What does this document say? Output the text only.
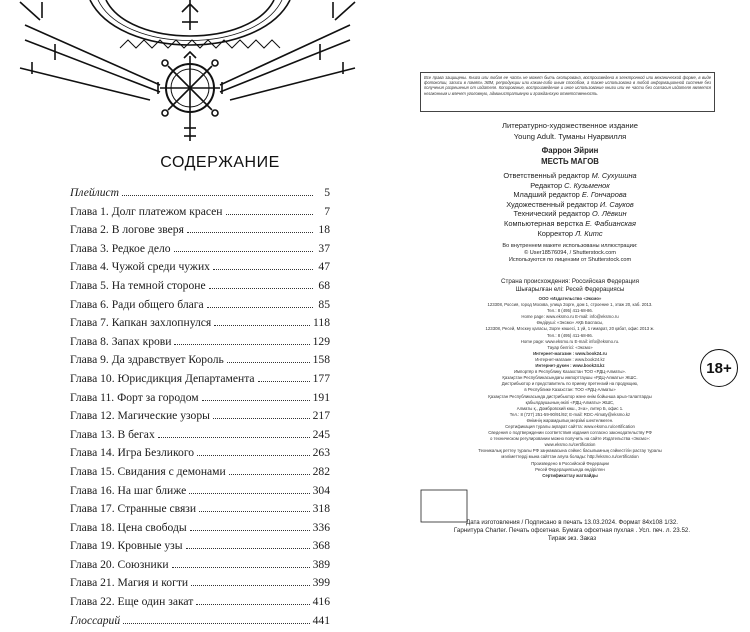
СОДЕРЖАНИЕ
Плейлист	5
Глава 1. Долг платежом красен	7
Глава 2. В логове зверя	18
Глава 3. Редкое дело	37
Глава 4. Чужой среди чужих	47
Глава 5. На темной стороне	68
Глава 6. Ради общего блага	85
Глава 7. Капкан захлопнулся	118
Глава 8. Запах крови	129
Глава 9. Да здравствует Король	158
Глава 10. Юрисдикция Департамента	177
Глава 11. Форт за городом	191
Глава 12. Магические узоры	217
Глава 13. В бегах	245
Глава 14. Игра Безликого	263
Глава 15. Свидания с демонами	282
Глава 16. На шаг ближе	304
Глава 17. Странные связи	318
Глава 18. Цена свободы	336
Глава 19. Кровные узы	368
Глава 20. Союзники	389
Глава 21. Магия и когти	399
Глава 22. Еще один закат	416
Глоссарий	441
Все права защищены. Книга или любая ее часть не может быть скопирована, воспроизведена в электронной или механической форме, в виде фотокопии, записи в память ЭВМ, репродукции или каким-либо иным способом, а также использована в любой информационной системе без получения разрешения от издателя. Копирование, воспроизведение и иное использование книги или ее части без согласия издателя является незаконным и влечет уголовную, административную и гражданскую ответственность.
Литературно-художественное издание
Young Adult. Туманы Нуарвилля
Фаррон Эйрин
МЕСТЬ МАГОВ
Ответственный редактор М. Сухушина
Редактор С. Кузьменок
Младший редактор Е. Гончарова
Художественный редактор И. Сауков
Технический редактор О. Лёвкин
Компьютерная верстка Е. Фабианская
Корректор Л. Китс
Во внутреннем макете использованы иллюстрации:
© User18576094, / Shutterstock.com
Используются по лицензии от Shutterstock.com
Страна происхождения: Российская Федерация
Шығарылған елі: Ресей Федерациясы
ООО «Издательство «Эксмо»
123308, Россия, город Москва, улица Зорге, дом 1, строение 1, этаж 20, каб. 2013.
Тел.: 8 (495) 411-68-86.
Home page: www.eksmo.ru E-mail: info@eksmo.ru
Өндіруші: «Эксмо» АҚБ Баспасы,
123308, Ресей, Мәскеу қаласы, Зорге көшесі, 1 үй, 1 ғимарат, 20 қабат, офис 2013 ж.
Тел.: 8 (495) 411-68-86.
Home page: www.eksmo.ru E-mail: info@eksmo.ru.
Тауар белгісі: «Эксмо»
Интернет-магазин : www.book24.ru
Интернет-магазин : www.book24.kz
Интернет-дүкен : www.book24.kz
Импортёр в Республику Казахстан ТОО «РДЦ-Алматы».
Қазақстан Республикасындағы импорттаушы «РДЦ-Алматы» ЖШС.
Дистрибьютор и представитель по приему претензий на продукцию,
в Республике Казахстан: ТОО «РДЦ-Алматы»
Қазақстан Республикасында дистрибьютор және өнім бойынша арыз-талаптарды
қабылдаушының өкілі «РДЦ-Алматы» ЖШС,
Алматы қ., Домбровский көш., 3«а», литер Б, офис 1.
Тел.: 8 (727) 251-59-90/91/92; E-mail: RDC-Almaty@eksmo.kz
Өнімнің жарамдылық мерзімі шектелмеген.
Сертификация туралы ақпарат сайтта: www.eksmo.ru/certification
Сведения о подтверждении соответствия издания согласно законодательству РФ
о техническом регулировании можно получить на сайте Издательства «Эксмо»:
www.eksmo.ru/certification
Техникалық реттеу туралы РФ заңнамасына сәйкес басылымның сәйкестігін растау туралы
мәліметтерді мына сайттан алуға болады: http://eksmo.ru/certification
Произведено в Российской Федерации
Ресей Федерациясында өндірілген
Сертификаттау жатпайды
18+
Дата изготовления / Подписано в печать 13.03.2024. Формат 84x108 1/32.
Гарнитура Charter. Печать офсетная. Бумага офсетная пухлая . Усл. печ. л. 23.52.
Тираж экз. Заказ
